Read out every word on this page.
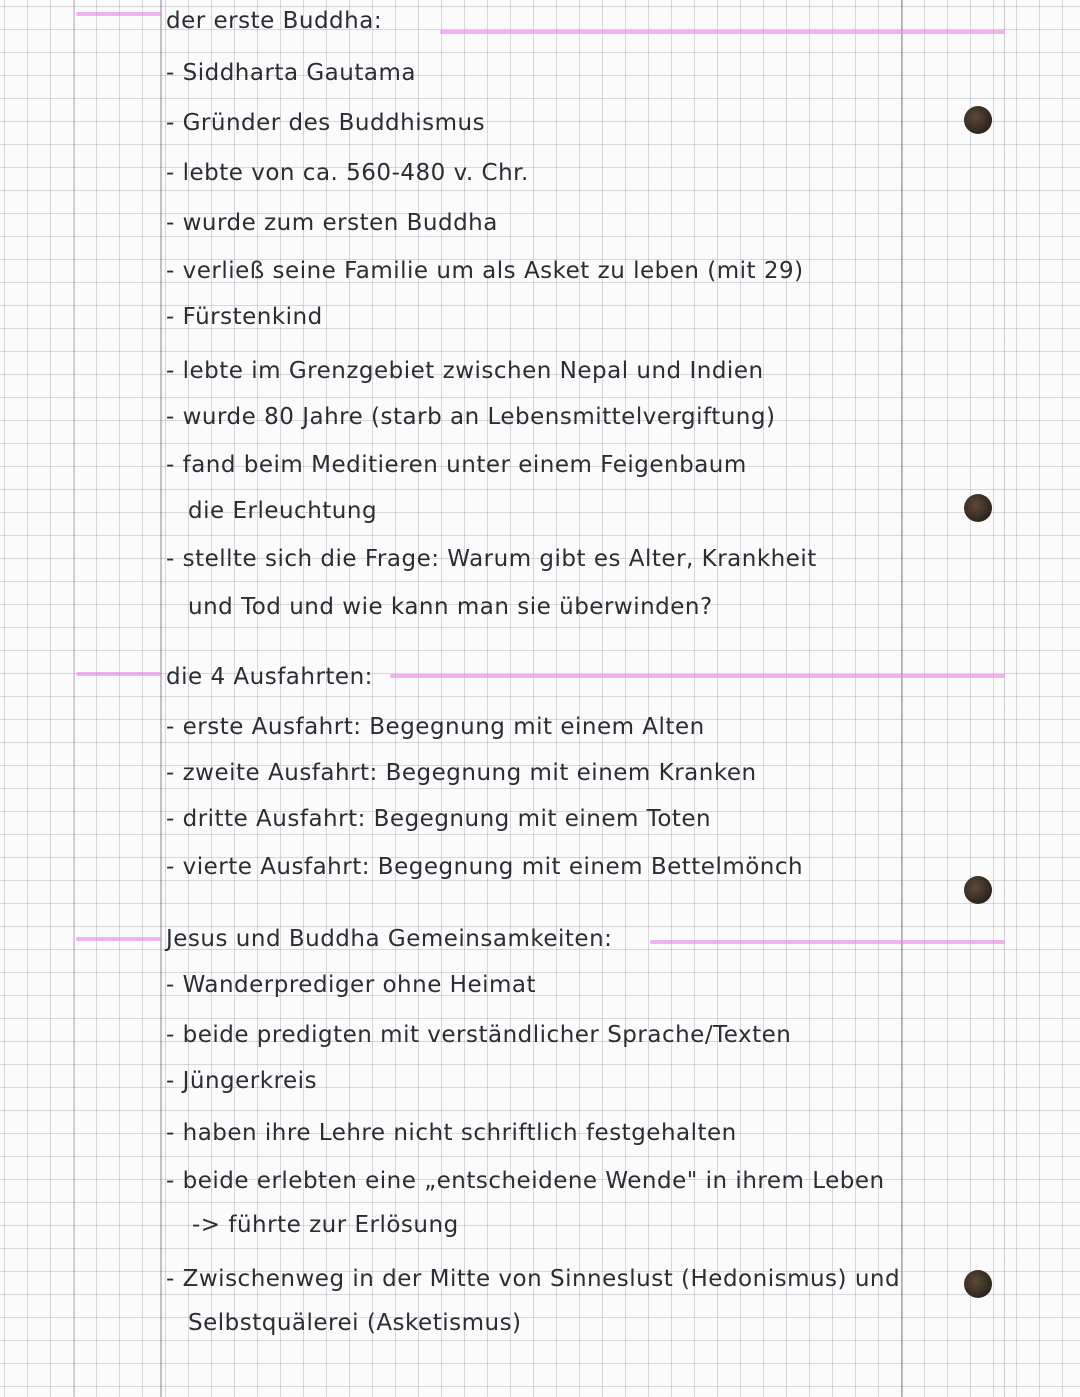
der erste Buddha:
- Siddharta Gautama
- Gründer des Buddhismus
- lebte von ca. 560-480 v. Chr.
- wurde zum ersten Buddha
- verließ seine Familie um als Asket zu leben (mit 29)
- Fürstenkind
- lebte im Grenzgebiet zwischen Nepal und Indien
- wurde 80 Jahre (starb an Lebensmittelvergiftung)
- fand beim Meditieren unter einem Feigenbaum
die Erleuchtung
- stellte sich die Frage: Warum gibt es Alter, Krankheit
und Tod und wie kann man sie überwinden?
die 4 Ausfahrten:
- erste Ausfahrt: Begegnung mit einem Alten
- zweite Ausfahrt: Begegnung mit einem Kranken
- dritte Ausfahrt: Begegnung mit einem Toten
- vierte Ausfahrt: Begegnung mit einem Bettelmönch
Jesus und Buddha Gemeinsamkeiten:
- Wanderprediger ohne Heimat
- beide predigten mit verständlicher Sprache/Texten
- Jüngerkreis
- haben ihre Lehre nicht schriftlich festgehalten
- beide erlebten eine „entscheidene Wende" in ihrem Leben
-> führte zur Erlösung
- Zwischenweg in der Mitte von Sinneslust (Hedonismus) und
Selbstquälerei (Asketismus)
